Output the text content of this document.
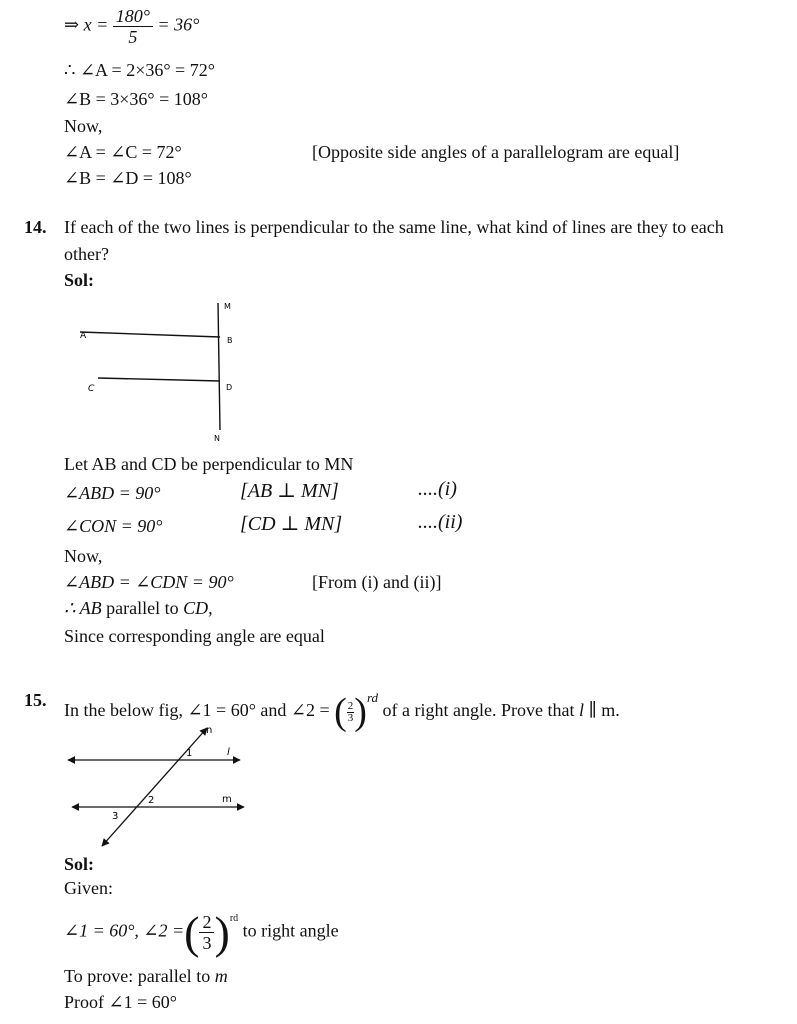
⇒ $x = \frac{180^\circ}{5} = 36^\circ$
∴ ∠A = 2×36° = 72°
∠B = 3×36° = 108°
Now,
∠A = ∠C = 72°	[Opposite side angles of a parallelogram are equal]
∠B = ∠D = 108°
14. If each of the two lines is perpendicular to the same line, what kind of lines are they to each
other?
Sol:
A	B
C	D
M
N
Let AB and CD be perpendicular to MN
∠ABD = 90°	[AB ⊥ MN]	....(i)
∠CON = 90°	[CD ⊥ MN]	....(ii)
Now,
∠ABD = ∠CDN = 90°	[From (i) and (ii)]
∴ AB parallel to CD,
Since corresponding angle are equal
15.
In the below fig, ∠1 = 60° and ∠2 = ( $\frac{2}{3} )^{rd}$ of a right angle. Prove that l ∥ m.
n
l
m
1
2
3
Sol:
Given:
∠1 = 60°, ∠2 =( $\frac{2}{3} )^{rd}$ to right angle
To prove: parallel to m
Proof ∠1 = 60°
